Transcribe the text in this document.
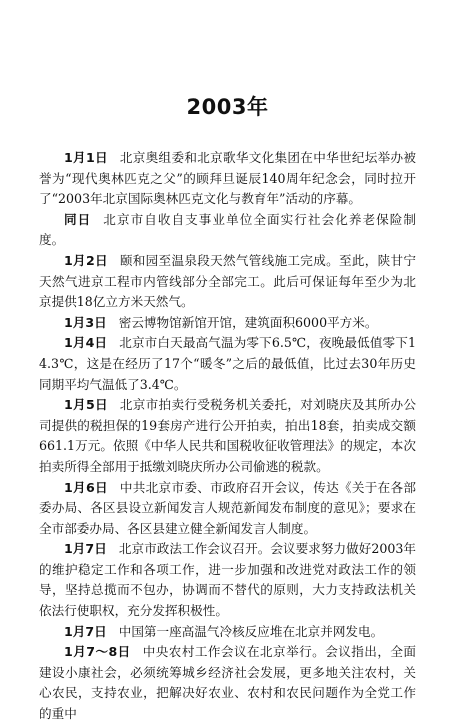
2003年

1月1日 北京奥组委和北京歌华文化集团在中华世纪坛举办被誉为“现代奥林匹克之父”的顾拜旦诞辰140周年纪念会，同时拉开了“2003年北京国际奥林匹克文化与教育年”活动的序幕。

同日 北京市自收自支事业单位全面实行社会化养老保险制度。

1月2日 颐和园至温泉段天然气管线施工完成。至此，陕甘宁天然气进京工程市内管线部分全部完工。此后可保证每年至少为北京提供18亿立方米天然气。

1月3日 密云博物馆新馆开馆，建筑面积6000平方米。

1月4日 北京市白天最高气温为零下6.5℃，夜晚最低值零下14.3℃，这是在经历了17个“暖冬”之后的最低值，比过去30年历史同期平均气温低了3.4℃。

1月5日 北京市拍卖行受税务机关委托，对刘晓庆及其所办公司提供的税担保的19套房产进行公开拍卖，拍出18套，拍卖成交额661.1万元。依照《中华人民共和国税收征收管理法》的规定，本次拍卖所得全部用于抵缴刘晓庆所办公司偷逃的税款。

1月6日 中共北京市委、市政府召开会议，传达《关于在各部委办局、各区县设立新闻发言人规范新闻发布制度的意见》；要求在全市部委办局、各区县建立健全新闻发言人制度。

1月7日 北京市政法工作会议召开。会议要求努力做好2003年的维护稳定工作和各项工作，进一步加强和改进党对政法工作的领导，坚持总揽而不包办，协调而不替代的原则，大力支持政法机关依法行使职权，充分发挥积极性。

1月7日 中国第一座高温气冷核反应堆在北京并网发电。

1月7～8日 中央农村工作会议在北京举行。会议指出，全面建设小康社会，必须统筹城乡经济社会发展，更多地关注农村，关心农民，支持农业，把解决好农业、农村和农民问题作为全党工作的重中
